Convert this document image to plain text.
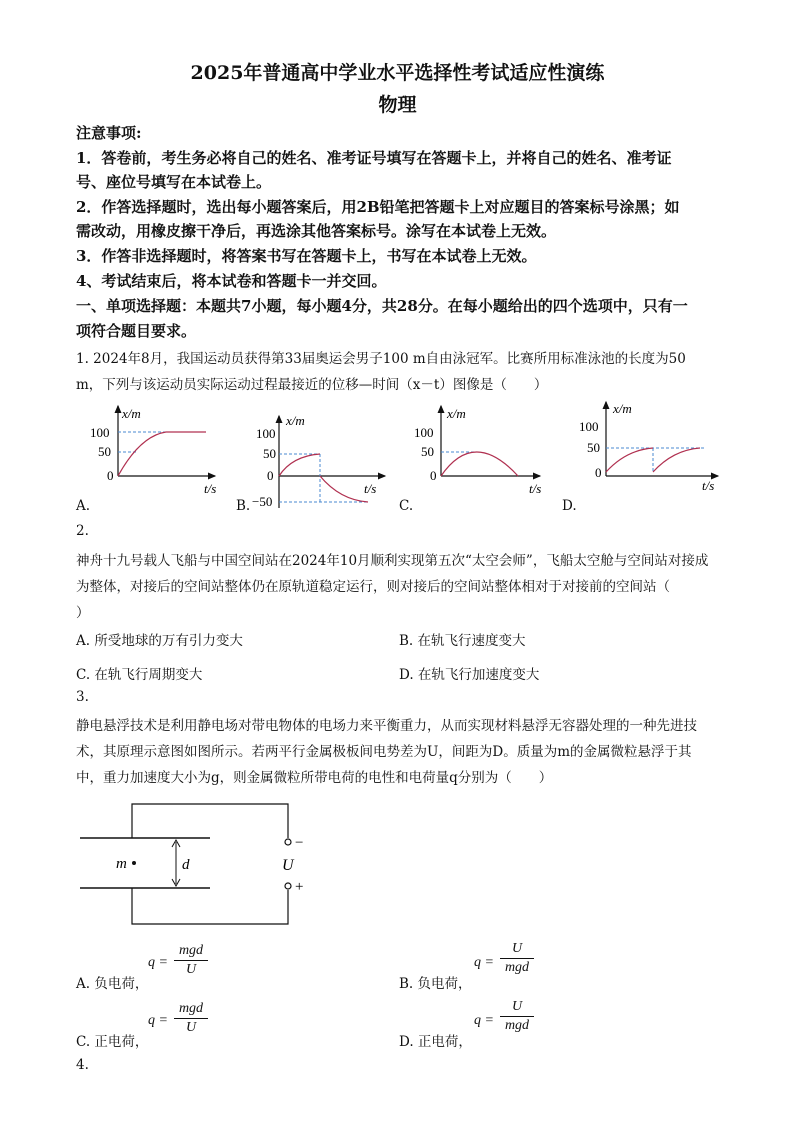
2025年普通高中学业水平选择性考试适应性演练
物理
注意事项:
1．答卷前，考生务必将自己的姓名、准考证号填写在答题卡上，并将自己的姓名、准考证
号、座位号填写在本试卷上。
2．作答选择题时，选出每小题答案后，用2B铅笔把答题卡上对应题目的答案标号涂黑；如
需改动，用橡皮擦干净后，再选涂其他答案标号。涂写在本试卷上无效。
3．作答非选择题时，将答案书写在答题卡上，书写在本试卷上无效。
4、考试结束后，将本试卷和答题卡一并交回。
一、单项选择题：本题共7小题，每小题4分，共28分。在每小题给出的四个选项中，只有一
项符合题目要求。
1. 2024年8月，我国运动员获得第33届奥运会男子100 m自由泳冠军。比赛所用标准泳池的长度为50
m，下列与该运动员实际运动过程最接近的位移—时间（x－t）图像是（　　）
x/m
100
50
0
t/s
x/m
100
50
0
−50
t/s
x/m
100
50
0
t/s
x/m
100
50
0
t/s
A.	B.	C.	D.
2.
神舟十九号载人飞船与中国空间站在2024年10月顺利实现第五次“太空会师”，飞船太空舱与空间站对接成
为整体，对接后的空间站整体仍在原轨道稳定运行，则对接后的空间站整体相对于对接前的空间站（
）
A. 所受地球的万有引力变大	B. 在轨飞行速度变大
C. 在轨飞行周期变大	D. 在轨飞行加速度变大
3.
静电悬浮技术是利用静电场对带电物体的电场力来平衡重力，从而实现材料悬浮无容器处理的一种先进技
术，其原理示意图如图所示。若两平行金属极板间电势差为U，间距为D。质量为m的金属微粒悬浮于其
中，重力加速度大小为g，则金属微粒所带电荷的电性和电荷量q分别为（　　）
m	d	U
−
+
A. 负电荷，
q =
mgd
U
B. 负电荷，
q =
U
mgd
C. 正电荷，
q =
mgd
U
D. 正电荷，
q =
U
mgd
4.
